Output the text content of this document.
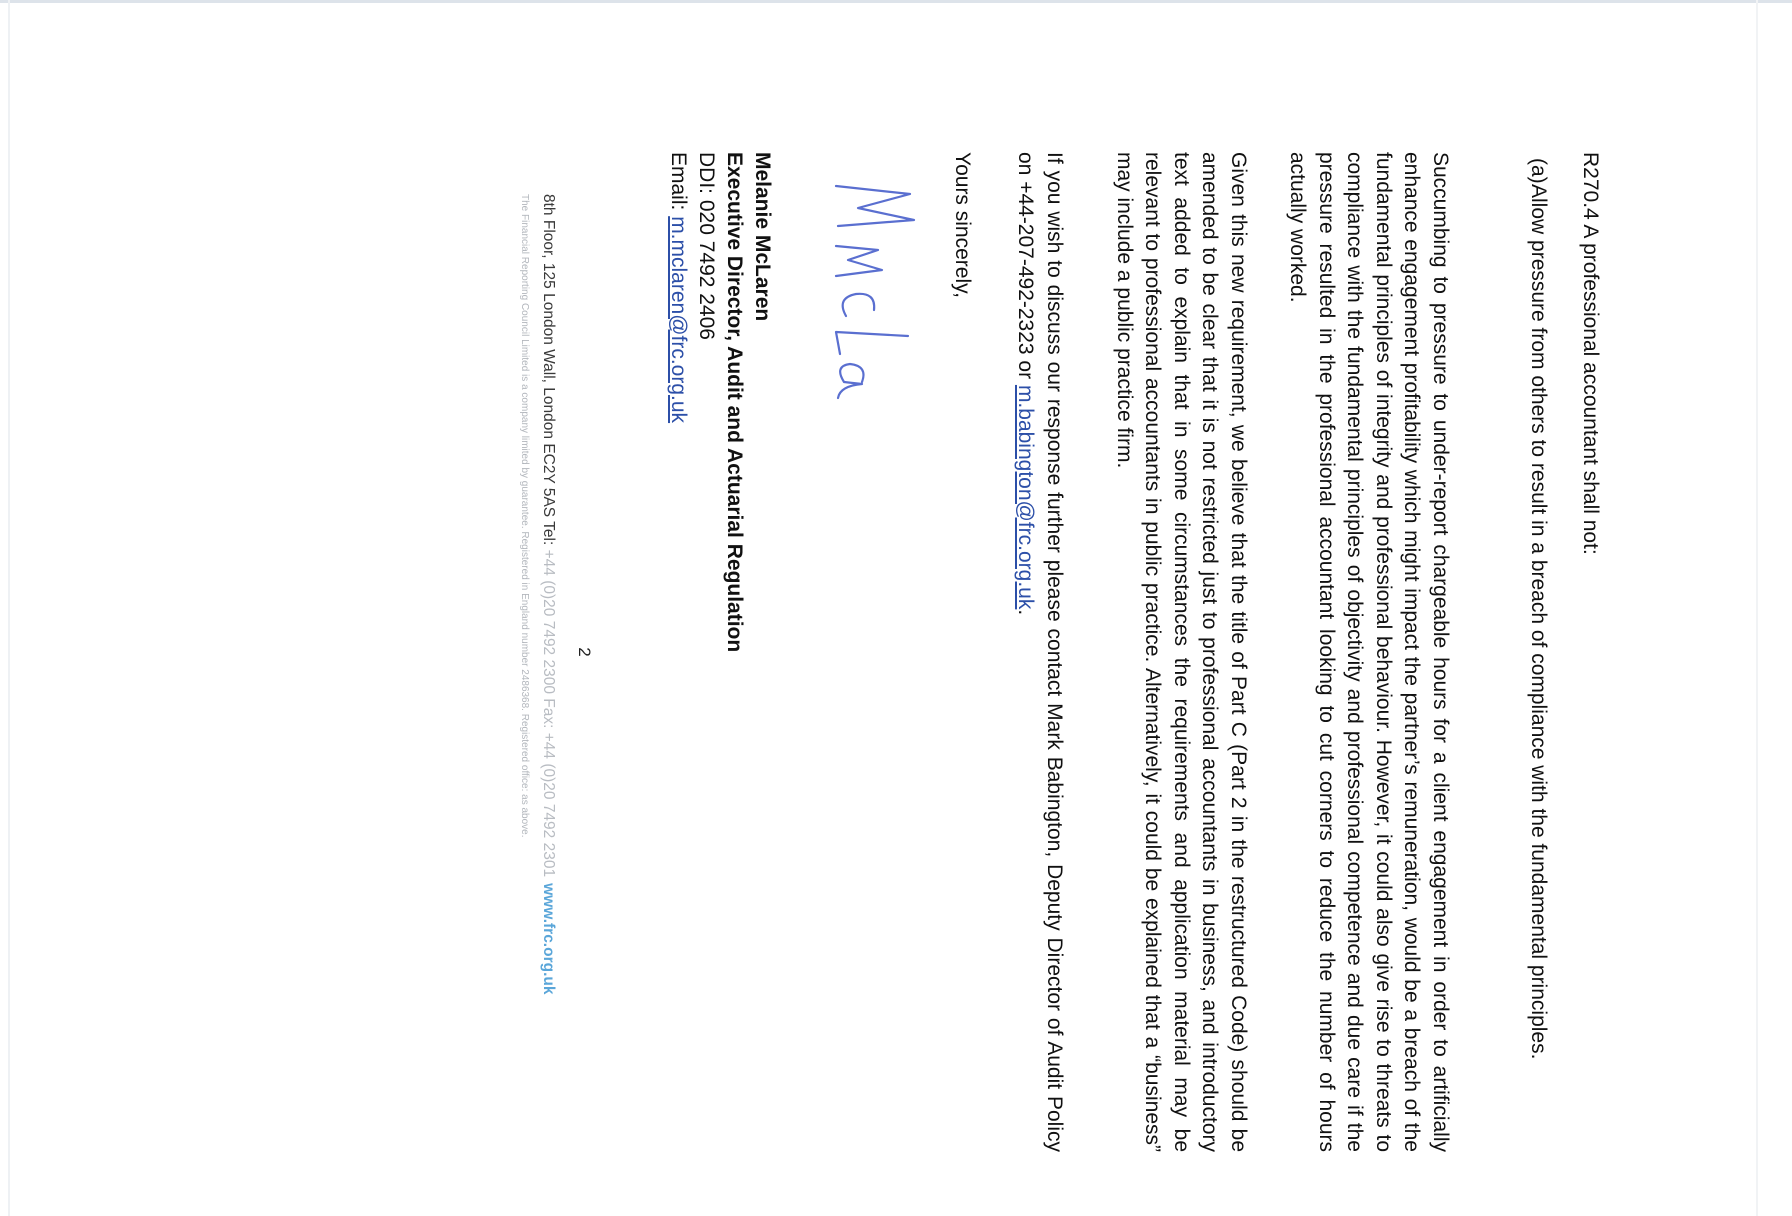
R270.4 A professional accountant shall not:

(a)
Allow pressure from others to result in a breach of compliance with the fundamental principles.

Succumbing to pressure to under-report chargeable hours for a client engagement in order to artificially enhance engagement profitability which might impact the partner’s remuneration, would be a breach of the fundamental principles of integrity and professional behaviour. However, it could also give rise to threats to compliance with the fundamental principles of objectivity and professional competence and due care if the pressure resulted in the professional accountant looking to cut corners to reduce the number of hours actually worked.

Given this new requirement, we believe that the title of Part C (Part 2 in the restructured Code) should be amended to be clear that it is not restricted just to professional accountants in business, and introductory text added to explain that in some circumstances the requirements and application material may be relevant to professional accountants in public practice. Alternatively, it could be explained that a “business” may include a public practice firm.

If you wish to discuss our response further please contact Mark Babington, Deputy Director of Audit Policy on +44-207-492-2323 or m.babington@frc.org.uk.

Yours sincerely,

Melanie McLaren

Executive Director, Audit and Actuarial Regulation

DDI: 020 7492 2406

Email: m.mclaren@frc.org.uk

2
8th Floor, 125 London Wall, London EC2Y 5AS Tel: +44 (0)20 7492 2300 Fax: +44 (0)20 7492 2301www.frc.org.uk
The Financial Reporting Council Limited is a company limited by guarantee. Registered in England number 2486368. Registered office: as above.
